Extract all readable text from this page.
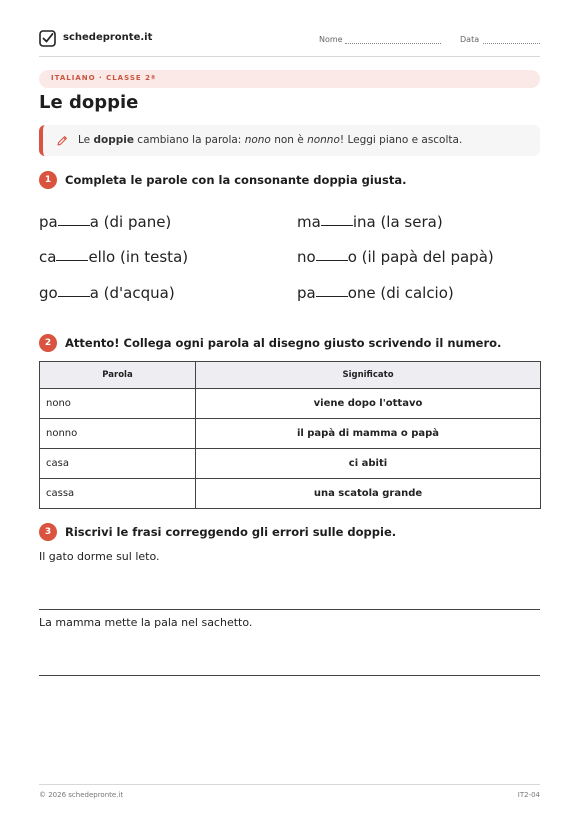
schedepronte.it	Nome	Data
ITALIANO · CLASSE 2ª
Le doppie
Le doppie cambiano la parola: nono non è nonno! Leggi piano e ascolta.
1	Completa le parole con la consonante doppia giusta.
pa a (di pane)	ma ina (la sera)
ca ello (in testa)	no o (il papà del papà)
go a (d'acqua)	pa one (di calcio)
2	Attento! Collega ogni parola al disegno giusto scrivendo il numero.
Parola	Significato
nono	viene dopo l'ottavo
nonno	il papà di mamma o papà
casa	ci abiti
cassa	una scatola grande
3	Riscrivi le frasi correggendo gli errori sulle doppie.
Il gato dorme sul leto.
La mamma mette la pala nel sachetto.
© 2026 schedepronte.it	IT2-04
